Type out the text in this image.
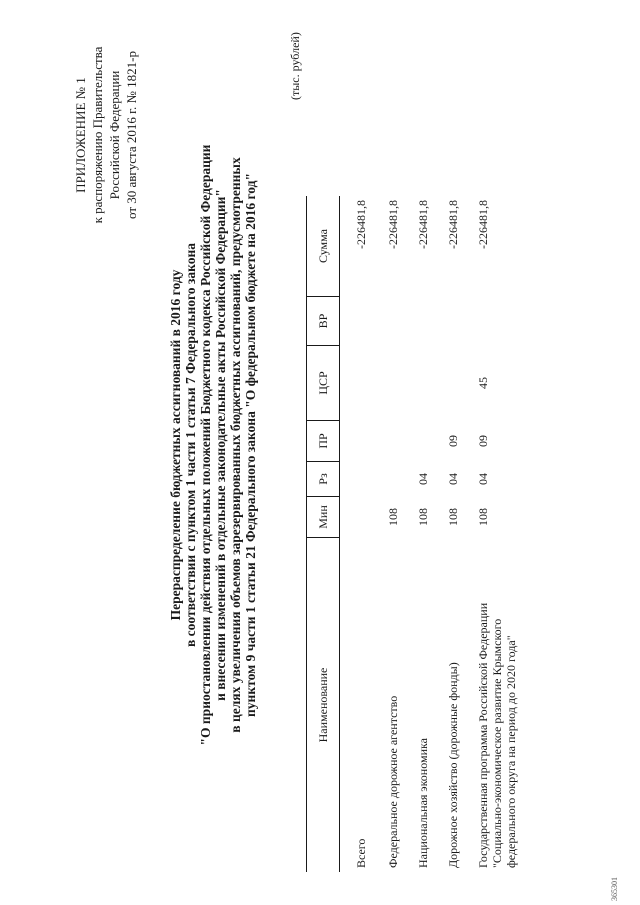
ПРИЛОЖЕНИЕ № 1 к распоряжению Правительства Российской Федерации от 30 августа 2016 г. № 1821-р
Перераспределение бюджетных ассигнований в 2016 году в соответствии с пунктом 1 части 1 статьи 7 Федерального закона "О приостановлении действия отдельных положений Бюджетного кодекса Российской Федерации и внесении изменений в отдельные законодательные акты Российской Федерации" в целях увеличения объемов зарезервированных бюджетных ассигнований, предусмотренных пунктом 9 части 1 статьи 21 Федерального закона "О федеральном бюджете на 2016 год"
(тыс. рублей)
Наименование	Мин	Рз	ПР	ЦСР	ВР	Сумма
Всего						-226481,8
Федеральное дорожное агентство	108					-226481,8
Национальная экономика	108	04				-226481,8
Дорожное хозяйство (дорожные фонды)	108	04	09			-226481,8

Государственная программа Российской Федерации "Социально-экономическое развитие Крымского федерального округа на период до 2020 года"	108	04	09	45		-226481,8
365301
